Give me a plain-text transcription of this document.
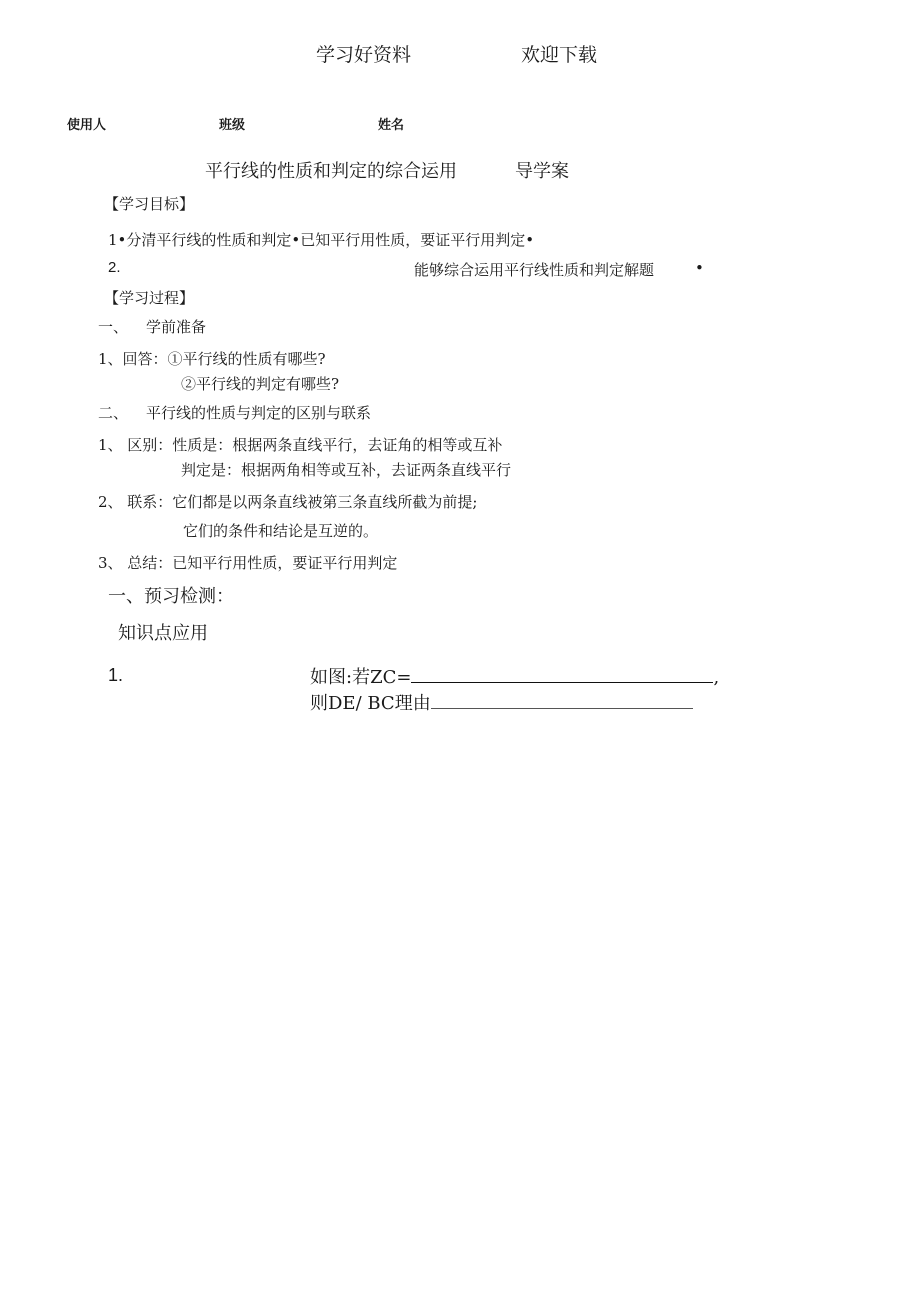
学习好资料	欢迎下载
使用人	班级	姓名
平行线的性质和判定的综合运用	导学案
【学习目标】
1•分清平行线的性质和判定•已知平行用性质，要证平行用判定•
2.	能够综合运用平行线性质和判定解题	•
【学习过程】
一、 学前准备
1、回答：①平行线的性质有哪些?
②平行线的判定有哪些?
二、 平行线的性质与判定的区别与联系
1、 区别：性质是：根据两条直线平行，去证角的相等或互补
判定是：根据两角相等或互补，去证两条直线平行
2、 联系：它们都是以两条直线被第三条直线所截为前提;
它们的条件和结论是互逆的。
3、 总结：已知平行用性质，要证平行用判定
一、预习检测：
知识点应用
1.	如图:若ZC=	,
则DE/ BC理由
